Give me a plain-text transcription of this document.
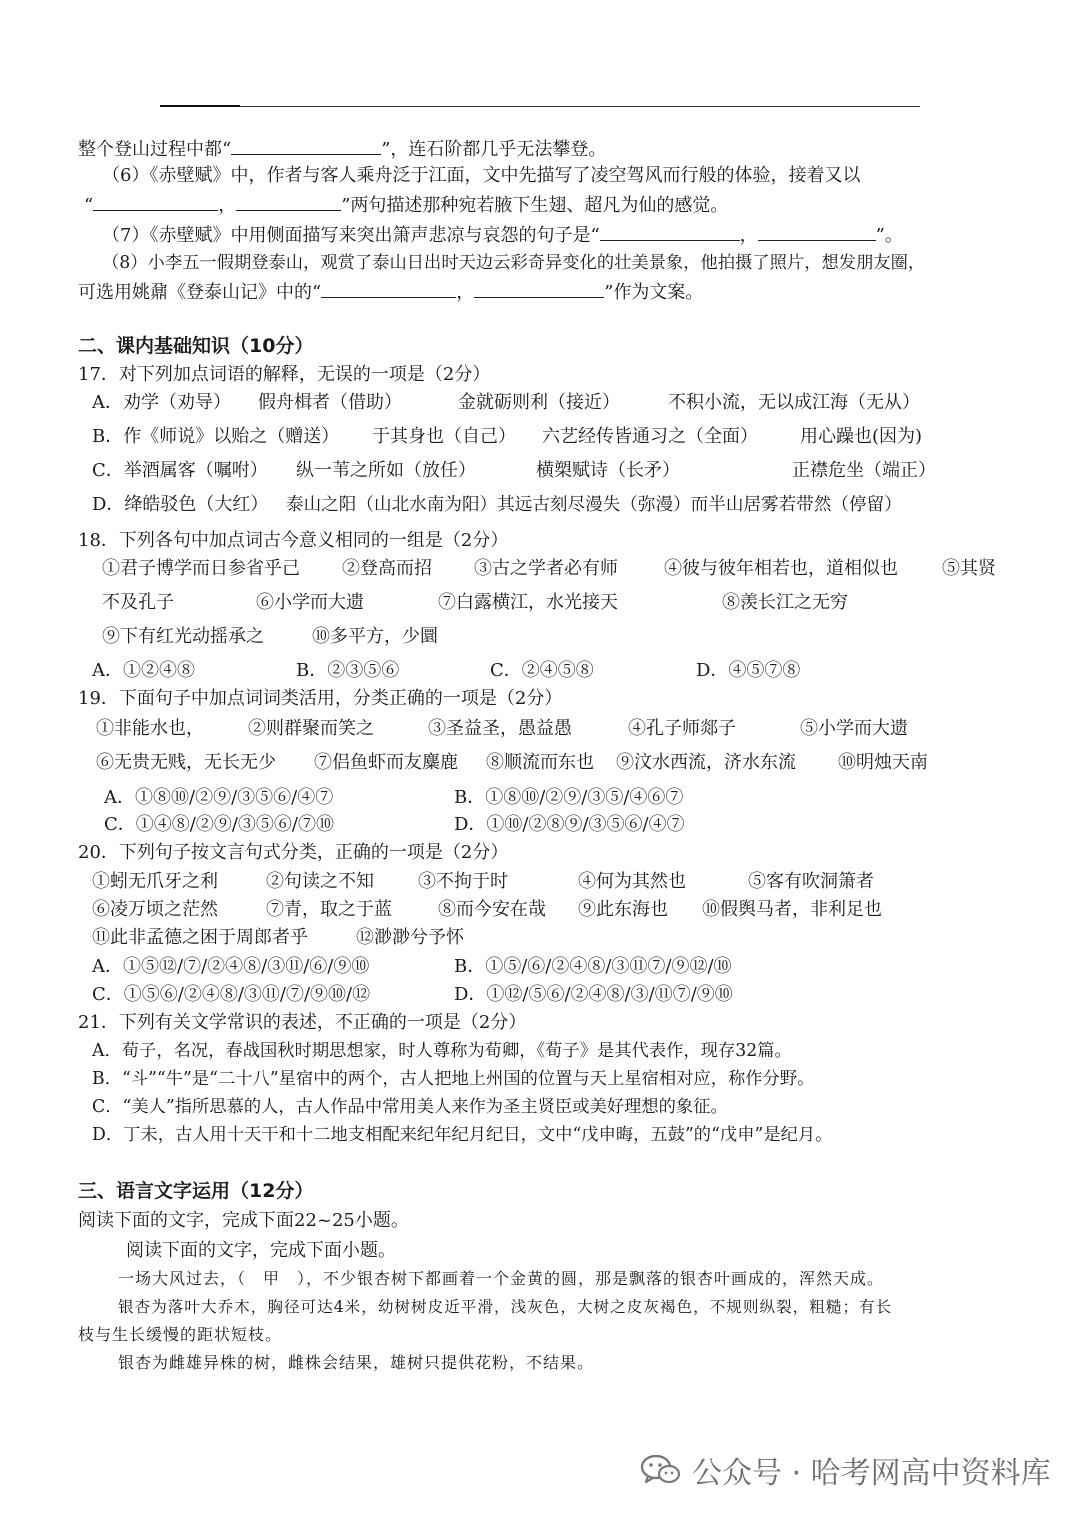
整个登山过程中都“	”，连石阶都几乎无法攀登。
（6）《赤壁赋》中，作者与客人乘舟泛于江面，文中先描写了凌空驾风而行般的体验，接着又以
“	，	”两句描述那种宛若腋下生翅、超凡为仙的感觉。
（7）《赤壁赋》中用侧面描写来突出箫声悲凉与哀怨的句子是“	，	”。
（8）小李五一假期登泰山，观赏了泰山日出时天边云彩奇异变化的壮美景象，他拍摄了照片，想发朋友圈，
可选用姚鼐《登泰山记》中的“	，	”作为文案。
二、课内基础知识（10分）
17．对下列加点词语的解释，无误的一项是（2分）
A．劝学（劝导） 假舟楫者（借助）	金就砺则利（接近）	不积小流，无以成江海（无从）
B．作《师说》以贻之（赠送） 于其身也（自己） 六艺经传皆通习之（全面） 用心躁也(因为)
C．举酒属客（嘱咐） 纵一苇之所如（放任）	横槊赋诗（长矛）	正襟危坐（端正）
D．绛皓驳色（大红） 泰山之阳（山北水南为阳）其远古刻尽漫失（弥漫）而半山居雾若带然（停留）
18．下列各句中加点词古今意义相同的一组是（2分）
①君子博学而日参省乎己 ②登高而招 ③古之学者必有师	④彼与彼年相若也，道相似也 ⑤其贤
不及孔子	⑥小学而大遗	⑦白露横江，水光接天	⑧羡长江之无穷
⑨下有红光动摇承之	⑩多平方，少圜
A．①②④⑧	B．②③⑤⑥	C．②④⑤⑧	D．④⑤⑦⑧
19．下面句子中加点词词类活用，分类正确的一项是（2分）
①非能水也， ②则群聚而笑之	③圣益圣，愚益愚	④孔子师郯子	⑤小学而大遗
⑥无贵无贱，无长无少 ⑦侣鱼虾而友麋鹿 ⑧顺流而东也 ⑨汶水西流，济水东流 ⑩明烛天南
A．①⑧⑩/②⑨/③⑤⑥/④⑦	B．①⑧⑩/②⑨/③⑤/④⑥⑦
C．①④⑧/②⑨/③⑤⑥/⑦⑩	D．①⑩/②⑧⑨/③⑤⑥/④⑦
20．下列句子按文言句式分类，正确的一项是（2分）
①蚓无爪牙之利	②句读之不知 ③不拘于时	④何为其然也	⑤客有吹洞箫者
⑥凌万顷之茫然	⑦青，取之于蓝	⑧而今安在哉 ⑨此东海也 ⑩假舆马者，非利足也
⑪此非孟德之困于周郎者乎	⑫渺渺兮予怀
A．①⑤⑫/⑦/②④⑧/③⑪/⑥/⑨⑩	B．①⑤/⑥/②④⑧/③⑪⑦/⑨⑫/⑩
C．①⑤⑥/②④⑧/③⑪/⑦/⑨⑩/⑫	D．①⑫/⑤⑥/②④⑧/③/⑪⑦/⑨⑩
21．下列有关文学常识的表述，不正确的一项是（2分）
A．荀子，名况，春战国秋时期思想家，时人尊称为荀卿，《荀子》是其代表作，现存32篇。
B．“斗”“牛”是“二十八”星宿中的两个，古人把地上州国的位置与天上星宿相对应，称作分野。
C．“美人”指所思慕的人，古人作品中常用美人来作为圣主贤臣或美好理想的象征。
D．丁未，古人用十天干和十二地支相配来纪年纪月纪日，文中“戊申晦，五鼓”的“戊申”是纪月。
三、语言文字运用（12分）
阅读下面的文字，完成下面22~25小题。
阅读下面的文字，完成下面小题。
一场大风过去，（　甲　），不少银杏树下都画着一个金黄的圆，那是飘落的银杏叶画成的，浑然天成。
银杏为落叶大乔木，胸径可达4米，幼树树皮近平滑，浅灰色，大树之皮灰褐色，不规则纵裂，粗糙；有长
枝与生长缓慢的距状短枝。
银杏为雌雄异株的树，雌株会结果，雄树只提供花粉，不结果。
公众号 · 哈考网高中资料库
